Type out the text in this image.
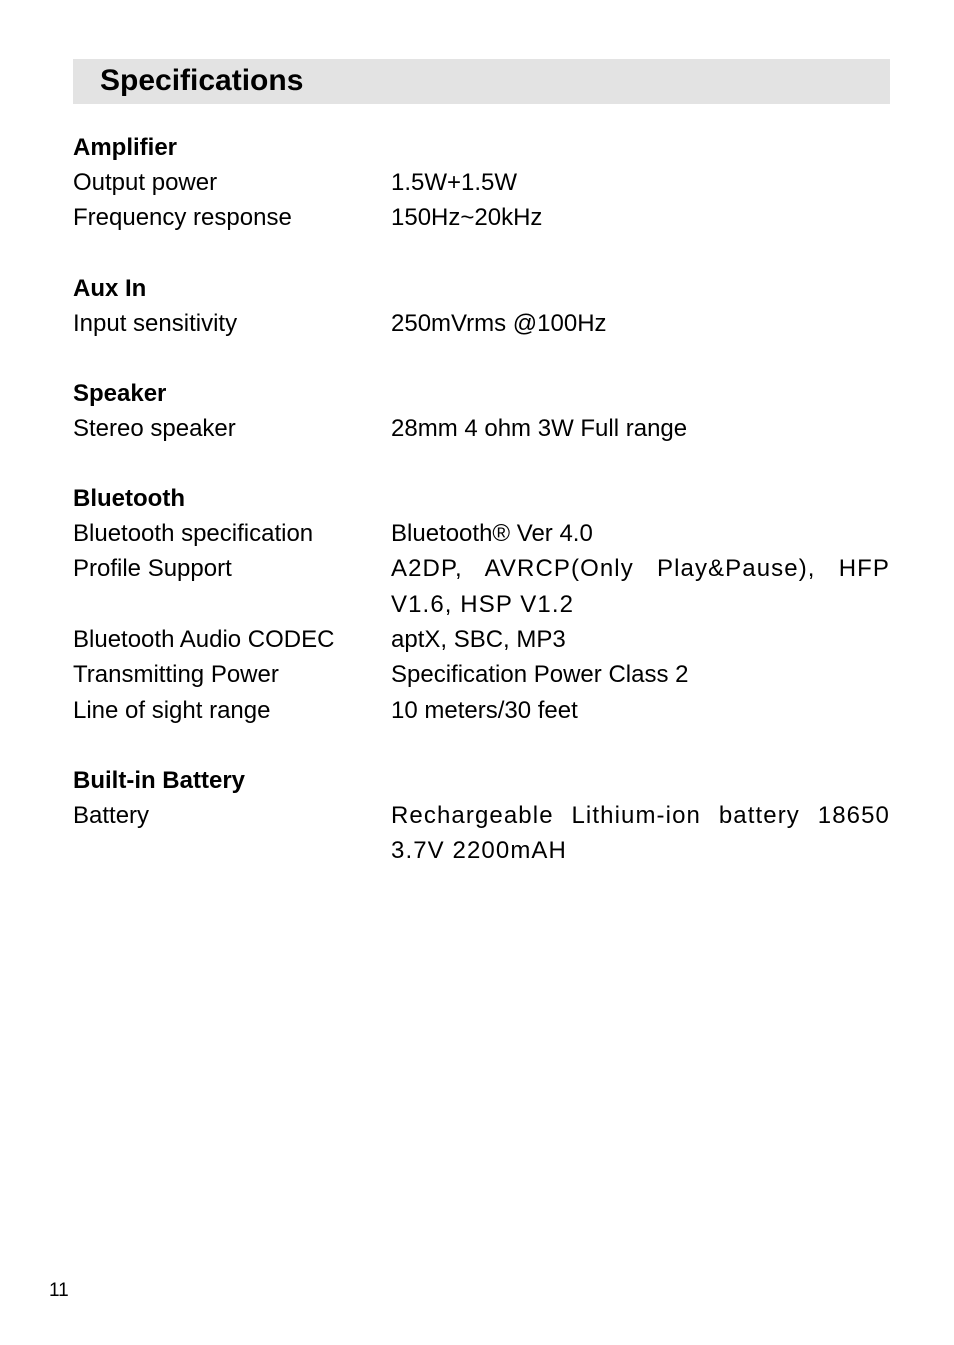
Specifications

Amplifier

Output power	1.5W+1.5W
Frequency response	150Hz~20kHz

Aux In

Input sensitivity	250mVrms @100Hz

Speaker

Stereo speaker	28mm 4 ohm 3W Full range

Bluetooth

Bluetooth specification	Bluetooth® Ver 4.0
Profile Support	A2DP, AVRCP(Only Play&Pause), HFP V1.6, HSP V1.2
Bluetooth Audio CODEC	aptX, SBC, MP3
Transmitting Power	Specification Power Class 2
Line of sight range	10 meters/30 feet

Built-in Battery

Battery	Rechargeable Lithium-ion battery 18650 3.7V 2200mAH
11
